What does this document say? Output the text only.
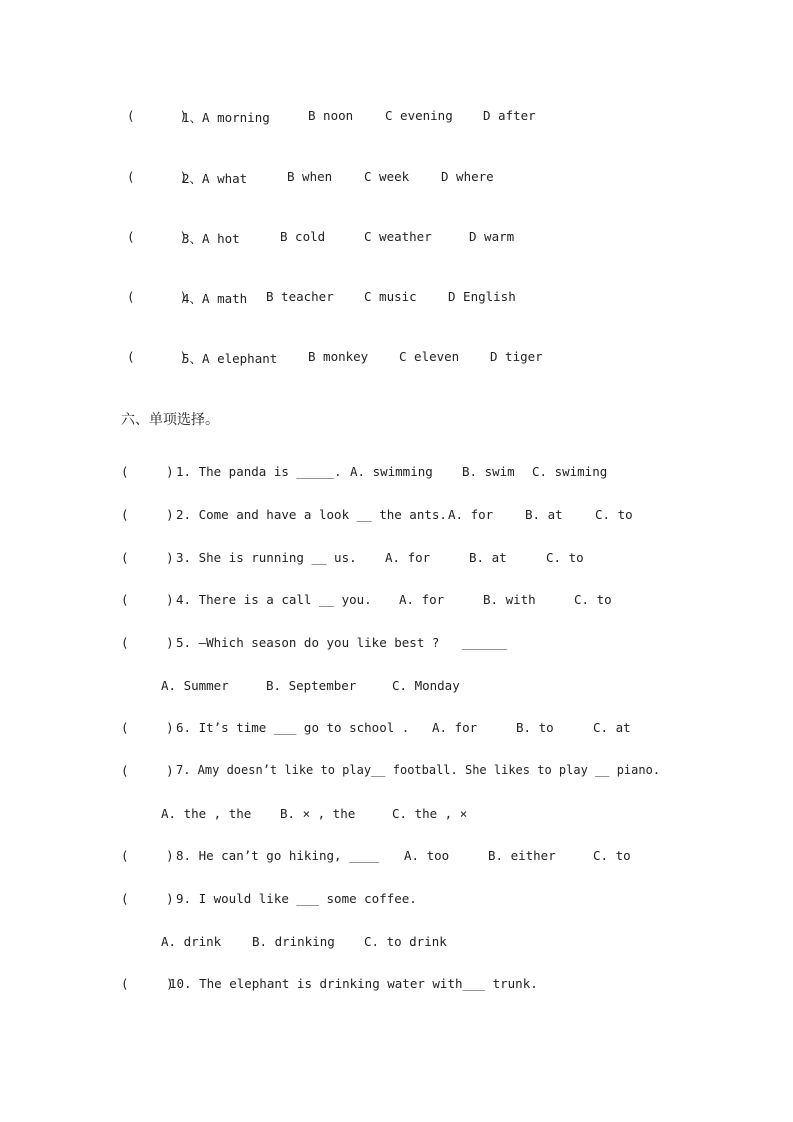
(      )
1、A morning	B noon	C evening D after
(      )
2、A what	B when	C week	D where
(      )
3、A hot	B cold	C weather	D warm
(      )
4、A math B teacher C music	D English
(      )
5、A elephant B monkey C eleven D tiger
六、单项选择。
(     ) 1. The panda is _____. A. swimming B. swim C. swiming
(     ) 2. Come and have a look __ the ants. A. for	B. at	C. to
(     ) 3. She is running __ us. A. for	B. at	C. to
(     ) 4. There is a call __ you. A. for	B. with	C. to
(     ) 5. —Which season do you like best ? ______
A. Summer	B. September	C. Monday
(     ) 6. It’s time ___ go to school . A. for	B. to	C. at
(     ) 7. Amy doesn’t like to play__ football. She likes to play __ piano.
A. the , the B. × , the	C. the , ×
(     ) 8. He can’t go hiking, ____ A. too	B. either	C. to
(     ) 9. I would like ___ some coffee.
A. drink B. drinking C. to drink
(     )
10. The elephant is drinking water with___ trunk.
